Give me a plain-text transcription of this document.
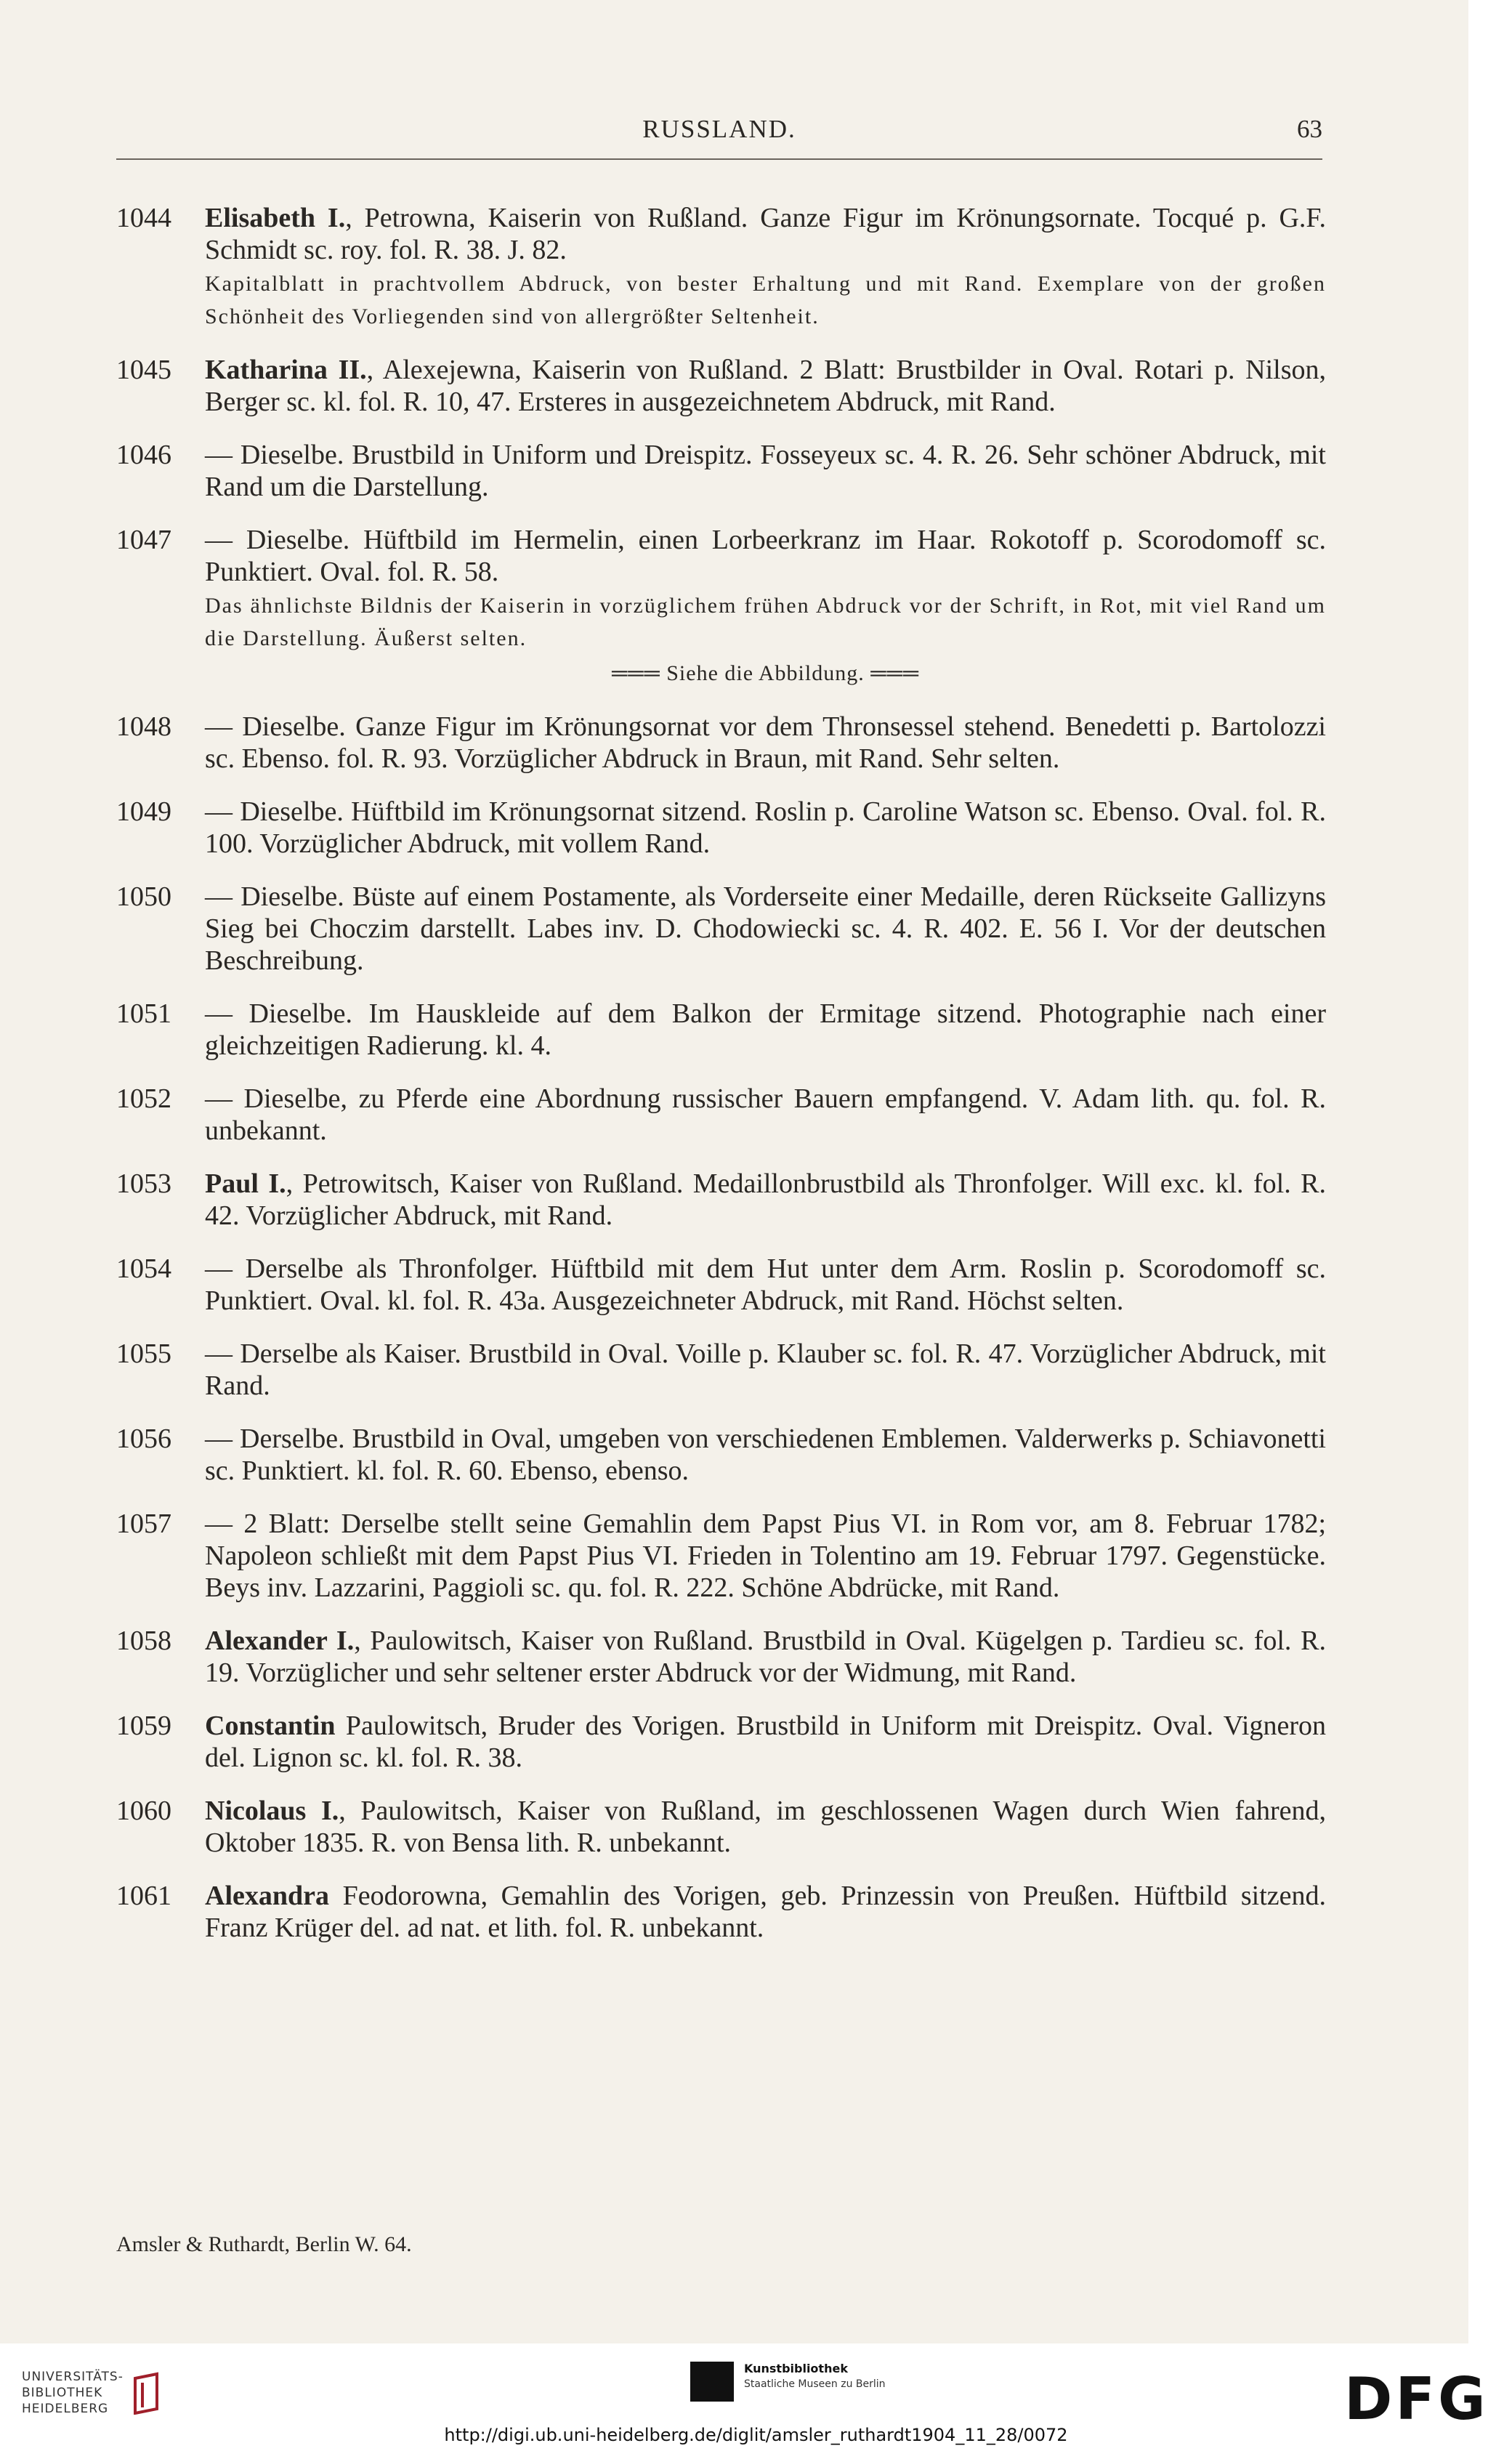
RUSSLAND.	63
1044 Elisabeth I., Petrowna, Kaiserin von Rußland. Ganze Figur im Krönungsornate. Tocqué p. G.F. Schmidt sc. roy. fol. R. 38. J. 82.
Kapitalblatt in prachtvollem Abdruck, von bester Erhaltung und mit Rand. Exemplare von der großen Schönheit des Vorliegenden sind von allergrößter Seltenheit.
1045 Katharina II., Alexejewna, Kaiserin von Rußland. 2 Blatt: Brustbilder in Oval. Rotari p. Nilson, Berger sc. kl. fol. R. 10, 47. Ersteres in ausgezeichnetem Abdruck, mit Rand.
1046 — Dieselbe. Brustbild in Uniform und Dreispitz. Fosseyeux sc. 4. R. 26. Sehr schöner Abdruck, mit Rand um die Darstellung.
1047 — Dieselbe. Hüftbild im Hermelin, einen Lorbeerkranz im Haar. Rokotoff p. Scorodomoff sc. Punktiert. Oval. fol. R. 58.
Das ähnlichste Bildnis der Kaiserin in vorzüglichem frühen Abdruck vor der Schrift, in Rot, mit viel Rand um die Darstellung. Äußerst selten.
═══ Siehe die Abbildung. ═══
1048 — Dieselbe. Ganze Figur im Krönungsornat vor dem Thronsessel stehend. Benedetti p. Bartolozzi sc. Ebenso. fol. R. 93. Vorzüglicher Abdruck in Braun, mit Rand. Sehr selten.
1049 — Dieselbe. Hüftbild im Krönungsornat sitzend. Roslin p. Caroline Watson sc. Ebenso. Oval. fol. R. 100. Vorzüglicher Abdruck, mit vollem Rand.
1050 — Dieselbe. Büste auf einem Postamente, als Vorderseite einer Medaille, deren Rückseite Gallizyns Sieg bei Choczim darstellt. Labes inv. D. Chodowiecki sc. 4. R. 402. E. 56 I. Vor der deutschen Beschreibung.
1051 — Dieselbe. Im Hauskleide auf dem Balkon der Ermitage sitzend. Photographie nach einer gleichzeitigen Radierung. kl. 4.
1052 — Dieselbe, zu Pferde eine Abordnung russischer Bauern empfangend. V. Adam lith. qu. fol. R. unbekannt.
1053 Paul I., Petrowitsch, Kaiser von Rußland. Medaillonbrustbild als Thronfolger. Will exc. kl. fol. R. 42. Vorzüglicher Abdruck, mit Rand.
1054 — Derselbe als Thronfolger. Hüftbild mit dem Hut unter dem Arm. Roslin p. Scorodomoff sc. Punktiert. Oval. kl. fol. R. 43a. Ausgezeichneter Abdruck, mit Rand. Höchst selten.
1055 — Derselbe als Kaiser. Brustbild in Oval. Voille p. Klauber sc. fol. R. 47. Vorzüglicher Abdruck, mit Rand.
1056 — Derselbe. Brustbild in Oval, umgeben von verschiedenen Emblemen. Valderwerks p. Schiavonetti sc. Punktiert. kl. fol. R. 60. Ebenso, ebenso.
1057 — 2 Blatt: Derselbe stellt seine Gemahlin dem Papst Pius VI. in Rom vor, am 8. Februar 1782; Napoleon schließt mit dem Papst Pius VI. Frieden in Tolentino am 19. Februar 1797. Gegenstücke. Beys inv. Lazzarini, Paggioli sc. qu. fol. R. 222. Schöne Abdrücke, mit Rand.
1058 Alexander I., Paulowitsch, Kaiser von Rußland. Brustbild in Oval. Kügelgen p. Tardieu sc. fol. R. 19. Vorzüglicher und sehr seltener erster Abdruck vor der Widmung, mit Rand.
1059 Constantin Paulowitsch, Bruder des Vorigen. Brustbild in Uniform mit Dreispitz. Oval. Vigneron del. Lignon sc. kl. fol. R. 38.
1060 Nicolaus I., Paulowitsch, Kaiser von Rußland, im geschlossenen Wagen durch Wien fahrend, Oktober 1835. R. von Bensa lith. R. unbekannt.
1061 Alexandra Feodorowna, Gemahlin des Vorigen, geb. Prinzessin von Preußen. Hüftbild sitzend. Franz Krüger del. ad nat. et lith. fol. R. unbekannt.
Amsler & Ruthardt, Berlin W. 64.
UNIVERSITÄTS-
BIBLIOTHEK
HEIDELBERG
Kunstbibliothek
Staatliche Museen zu Berlin	DFG
http://digi.ub.uni-heidelberg.de/diglit/amsler_ruthardt1904_11_28/0072
